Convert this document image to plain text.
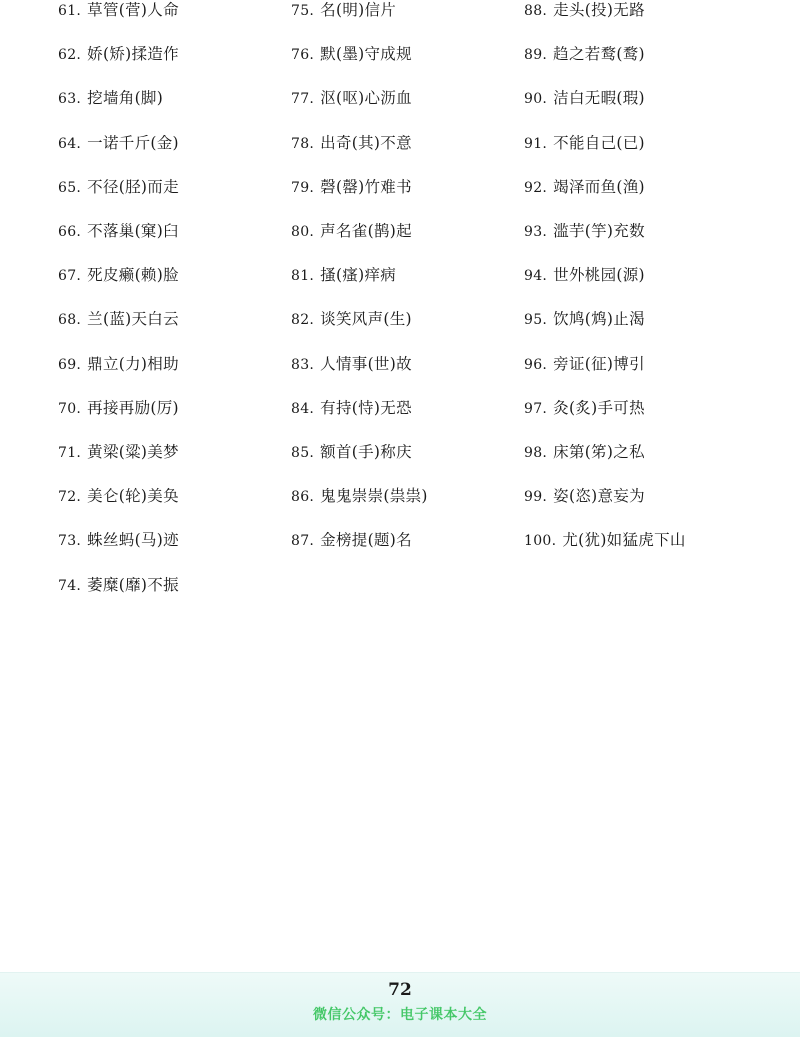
61. 草管(菅)人命
62. 娇(矫)揉造作
63. 挖墙角(脚)
64. 一诺千斤(金)
65. 不径(胫)而走
66. 不落巢(窠)臼
67. 死皮癞(赖)脸
68. 兰(蓝)天白云
69. 鼎立(力)相助
70. 再接再励(厉)
71. 黄梁(粱)美梦
72. 美仑(轮)美奂
73. 蛛丝蚂(马)迹
74. 萎糜(靡)不振
75. 名(明)信片
76. 默(墨)守成规
77. 沤(呕)心沥血
78. 出奇(其)不意
79. 磬(罄)竹难书
80. 声名雀(鹊)起
81. 搔(瘙)痒病
82. 谈笑风声(生)
83. 人情事(世)故
84. 有持(恃)无恐
85. 额首(手)称庆
86. 鬼鬼崇崇(祟祟)
87. 金榜提(题)名
88. 走头(投)无路
89. 趋之若鹜(鹜)
90. 洁白无暇(瑕)
91. 不能自己(已)
92. 竭泽而鱼(渔)
93. 滥芋(竽)充数
94. 世外桃园(源)
95. 饮鸠(鸩)止渴
96. 旁证(征)博引
97. 灸(炙)手可热
98. 床第(笫)之私
99. 姿(恣)意妄为
100. 尤(犹)如猛虎下山
72
微信公众号：电子课本大全
